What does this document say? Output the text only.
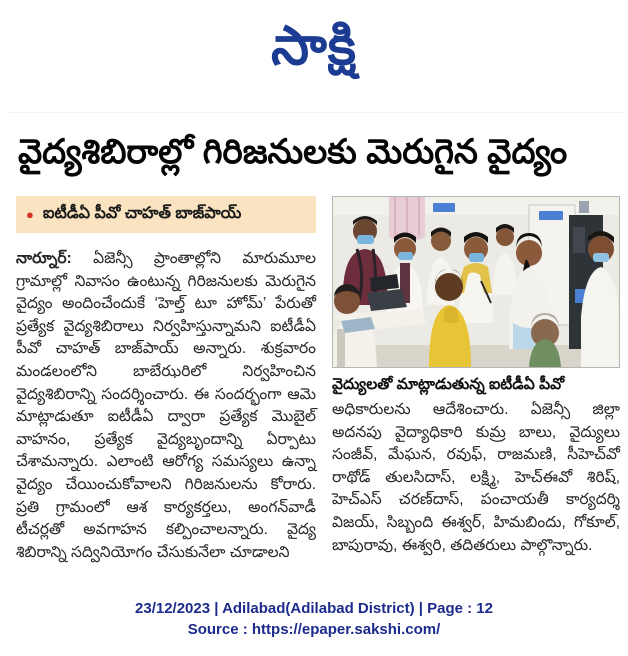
సాక్షి
వైద్యశిబిరాల్లో గిరిజనులకు మెరుగైన వైద్యం
● ఐటీడీఏ పీవో చాహత్ బాజ్‌పాయ్

నార్నూర్: ఏజెన్సీ ప్రాంతాల్లోని మారుమూల గ్రామాల్లో నివాసం ఉంటున్న గిరిజనులకు మెరుగైన వైద్యం అందించేందుకే ‘హెల్త్ టూ హోమ్’ పేరుతో ప్రత్యేక వైద్యశిబిరాలు నిర్వహిస్తున్నామని ఐటీడీఏ పీవో చాహత్ బాజ్‌పాయ్ అన్నారు. శుక్రవారం మండలంలోని బాబేఝరిలో నిర్వహించిన వైద్యశిబిరాన్ని సందర్శించారు. ఈ సందర్భంగా ఆమె మాట్లాడుతూ ఐటీడీఏ ద్వారా ప్రత్యేక మొబైల్ వాహనం, ప్రత్యేక వైద్యబృందాన్ని ఏర్పాటు చేశామన్నారు. ఎలాంటి ఆరోగ్య సమస్యలు ఉన్నా వైద్యం చేయించుకోవాలని గిరిజనులను కోరారు. ప్రతి గ్రామంలో ఆశ కార్యకర్తలు, అంగన్‌వాడీ టీచర్లతో అవగాహన కల్పించాలన్నారు. వైద్య శిబిరాన్ని సద్వినియోగం చేసుకునేలా చూడాలని

వైద్యులతో మాట్లాడుతున్న ఐటీడీఏ పీవో

అధికారులను ఆదేశించారు. ఏజెన్సీ జిల్లా అదనపు వైద్యాధికారి కుమ్ర బాలు, వైద్యులు సంజీవ్, మేఘన, రవుఫ్, రాజమణి, సీహెచ్‌వో రాథోడ్ తులసిదాస్, లక్ష్మి, హెచ్‌ఈవో శిరిష్, హెచ్‌ఎస్ చరణ్‌దాస్, పంచాయతీ కార్యదర్శి విజయ్, సిబ్బంది ఈశ్వర్, హిమబిందు, గోకూల్, బాపురావు, ఈశ్వరి, తదితరులు పాల్గొన్నారు.

23/12/2023 | Adilabad(Adilabad District) | Page : 12
Source : https://epaper.sakshi.com/
